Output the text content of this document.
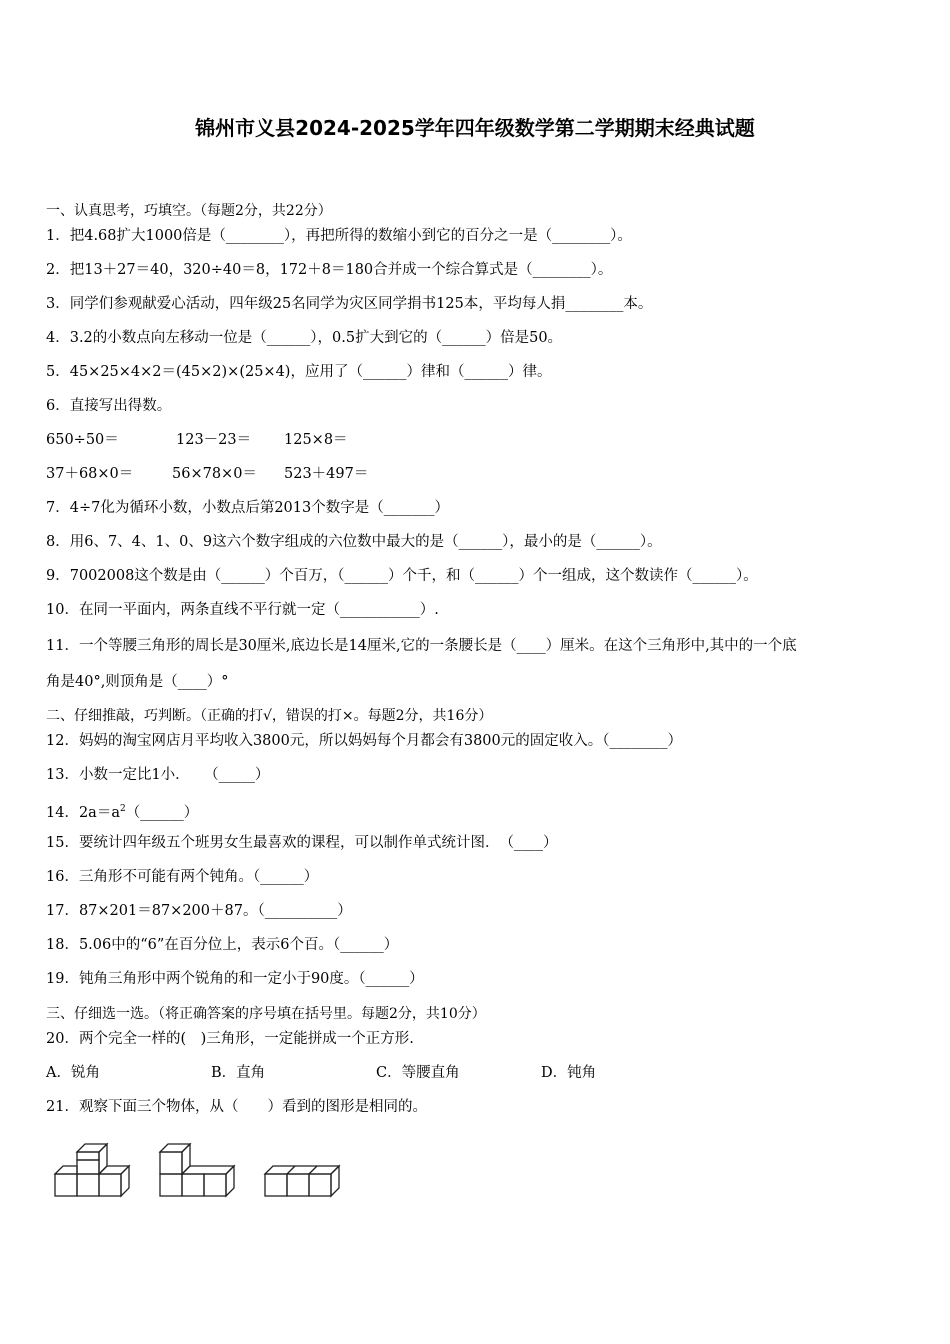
锦州市义县2024-2025学年四年级数学第二学期期末经典试题
一、认真思考，巧填空。（每题2分，共22分）
1．把4.68扩大1000倍是（________），再把所得的数缩小到它的百分之一是（________）。
2．把13＋27＝40，320÷40＝8，172＋8＝180合并成一个综合算式是（________）。
3．同学们参观献爱心活动，四年级25名同学为灾区同学捐书125本，平均每人捐________本。
4．3.2的小数点向左移动一位是（______），0.5扩大到它的（______）倍是50。
5．45×25×4×2＝(45×2)×(25×4)，应用了（______）律和（______）律。
6．直接写出得数。
650÷50＝	123－23＝ 125×8＝
37＋68×0＝	56×78×0＝ 523＋497＝
7．4÷7化为循环小数，小数点后第2013个数字是（_______）
8．用6、7、4、1、0、9这六个数字组成的六位数中最大的是（______），最小的是（______）。
9．7002008这个数是由（______）个百万，（______）个千，和（______）个一组成，这个数读作（______）。
10．在同一平面内，两条直线不平行就一定（___________）.
11．一个等腰三角形的周长是30厘米,底边长是14厘米,它的一条腰长是（____）厘米。在这个三角形中,其中的一个底
角是40°,则顶角是（____）°
二、仔细推敲，巧判断。（正确的打√，错误的打×。每题2分，共16分）
12．妈妈的淘宝网店月平均收入3800元，所以妈妈每个月都会有3800元的固定收入。（________）
13．小数一定比1小．　　（_____）
14．$2a=a^2(\_\_\_\_\_\_)$
15．要统计四年级五个班男女生最喜欢的课程，可以制作单式统计图．　（____）
16．三角形不可能有两个钝角。（______）
17．87×201＝87×200＋87。（__________）
18．5.06中的“6”在百分位上，表示6个百。（______）
19．钝角三角形中两个锐角的和一定小于90度。（______）
三、仔细选一选。（将正确答案的序号填在括号里。每题2分，共10分）
20．两个完全一样的(　)三角形，一定能拼成一个正方形.
A．锐角	B．直角	C．等腰直角	D．钝角
21．观察下面三个物体，从（　　）看到的图形是相同的。
